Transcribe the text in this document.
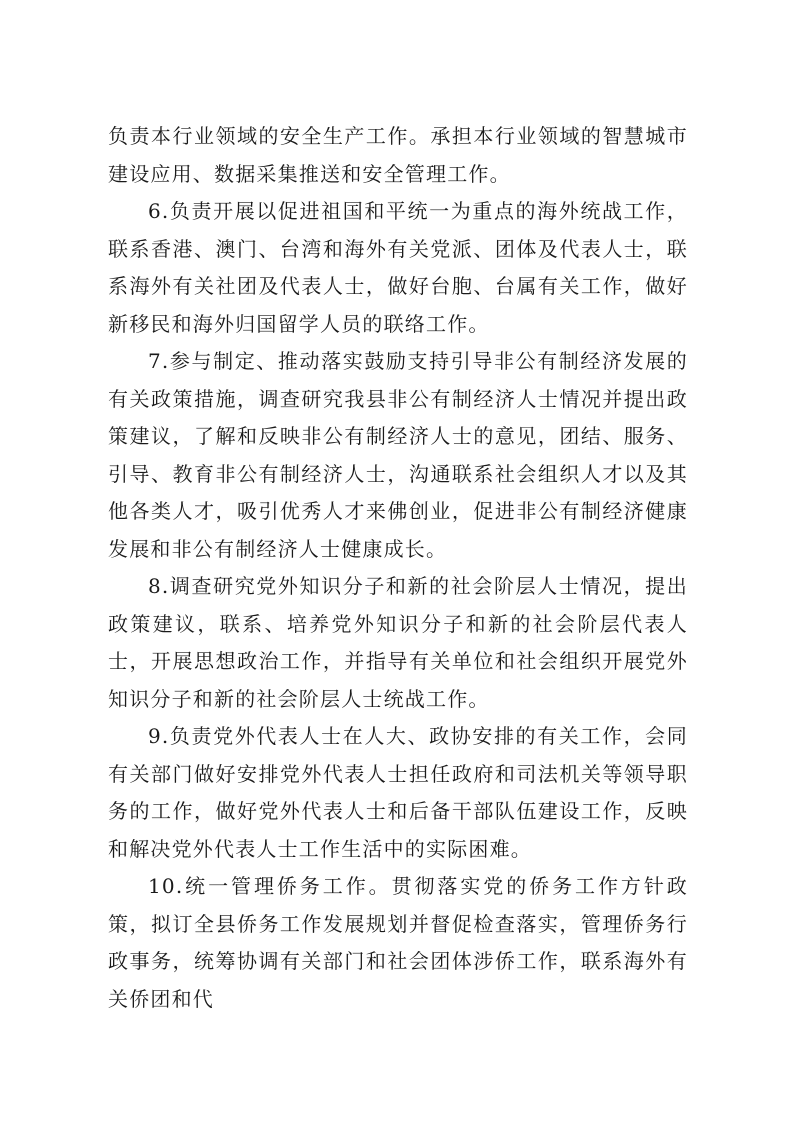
负责本行业领域的安全生产工作。承担本行业领域的智慧城市建设应用、数据采集推送和安全管理工作。

6.负责开展以促进祖国和平统一为重点的海外统战工作，联系香港、澳门、台湾和海外有关党派、团体及代表人士，联系海外有关社团及代表人士，做好台胞、台属有关工作，做好新移民和海外归国留学人员的联络工作。

7.参与制定、推动落实鼓励支持引导非公有制经济发展的有关政策措施，调查研究我县非公有制经济人士情况并提出政策建议，了解和反映非公有制经济人士的意见，团结、服务、引导、教育非公有制经济人士，沟通联系社会组织人才以及其他各类人才，吸引优秀人才来佛创业，促进非公有制经济健康发展和非公有制经济人士健康成长。

8.调查研究党外知识分子和新的社会阶层人士情况，提出政策建议，联系、培养党外知识分子和新的社会阶层代表人士，开展思想政治工作，并指导有关单位和社会组织开展党外知识分子和新的社会阶层人士统战工作。

9.负责党外代表人士在人大、政协安排的有关工作，会同有关部门做好安排党外代表人士担任政府和司法机关等领导职务的工作，做好党外代表人士和后备干部队伍建设工作，反映和解决党外代表人士工作生活中的实际困难。

10.统一管理侨务工作。贯彻落实党的侨务工作方针政策，拟订全县侨务工作发展规划并督促检查落实，管理侨务行政事务，统筹协调有关部门和社会团体涉侨工作，联系海外有关侨团和代
